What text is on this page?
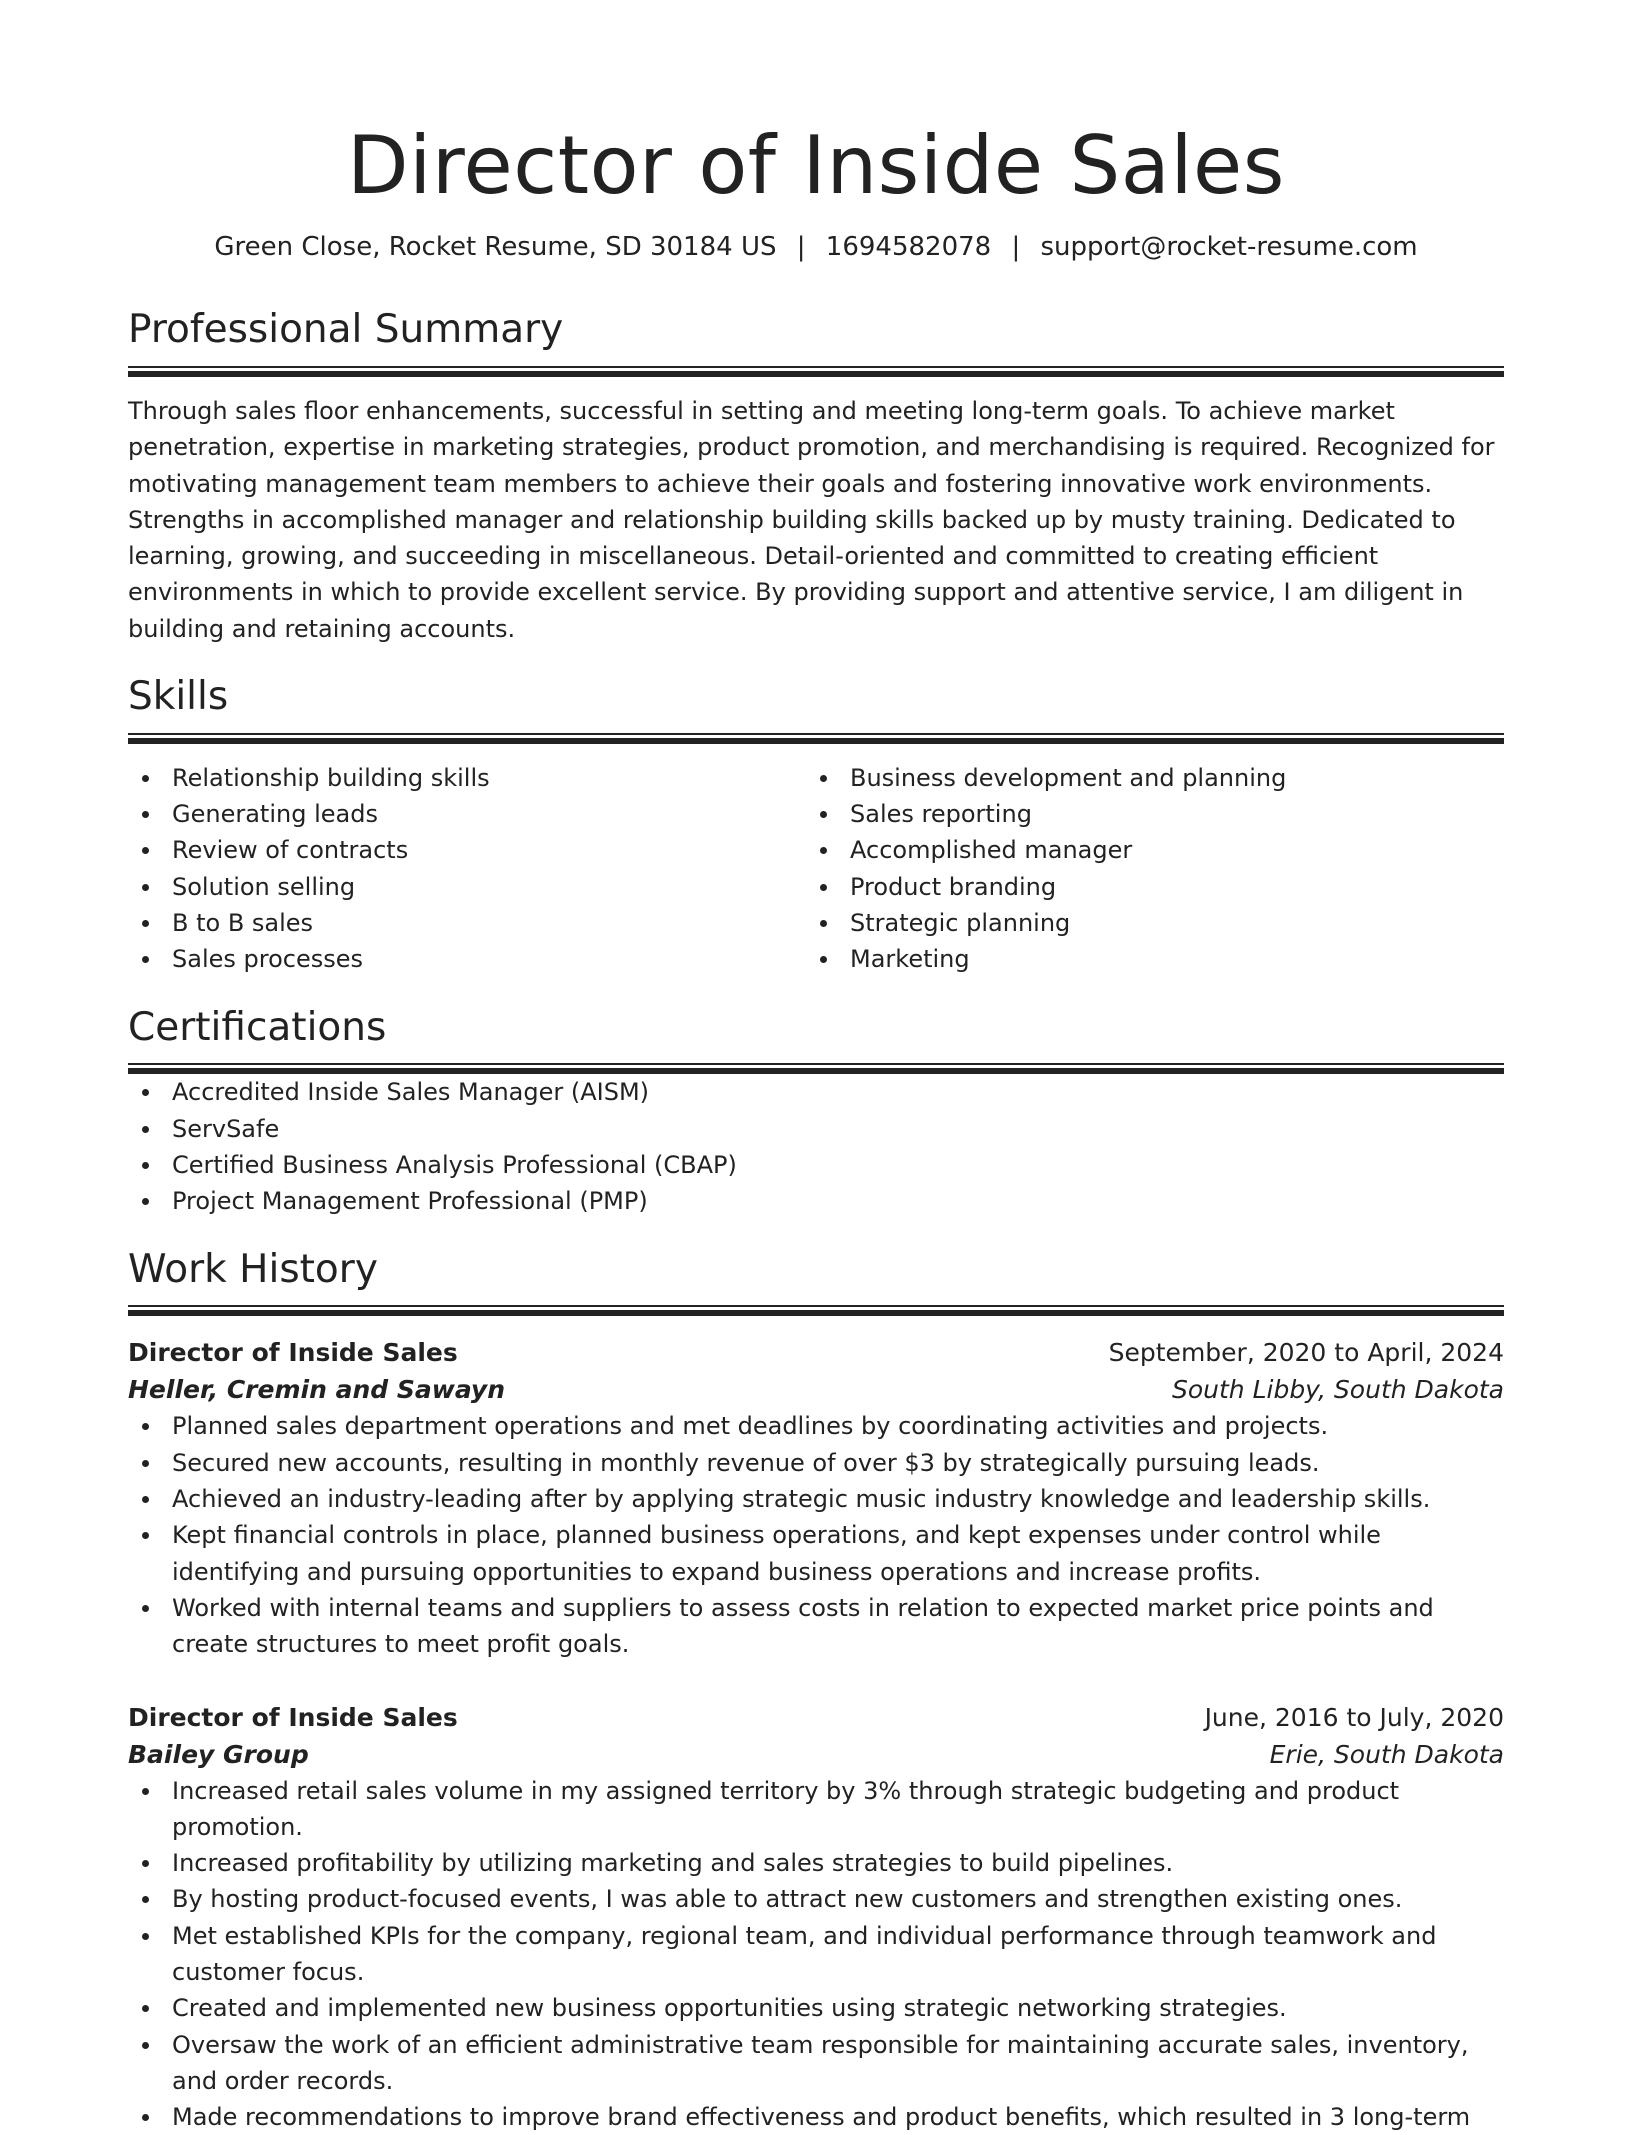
Director of Inside Sales
Green Close, Rocket Resume, SD 30184 US | 1694582078 | support@rocket-resume.com
Professional Summary

Through sales floor enhancements, successful in setting and meeting long-term goals. To achieve market penetration, expertise in marketing strategies, product promotion, and merchandising is required. Recognized for motivating management team members to achieve their goals and fostering innovative work environments. Strengths in accomplished manager and relationship building skills backed up by musty training. Dedicated to learning, growing, and succeeding in miscellaneous. Detail-oriented and committed to creating efficient environments in which to provide excellent service. By providing support and attentive service, I am diligent in building and retaining accounts.

Skills
Relationship building skills
Generating leads
Review of contracts
Solution selling
B to B sales
Sales processes
Business development and planning
Sales reporting
Accomplished manager
Product branding
Strategic planning
Marketing
Certifications
Accredited Inside Sales Manager (AISM)
ServSafe
Certified Business Analysis Professional (CBAP)
Project Management Professional (PMP)
Work History
Director of Inside Sales	September, 2020 to April, 2024
Heller, Cremin and Sawayn	South Libby, South Dakota
Planned sales department operations and met deadlines by coordinating activities and projects.
Secured new accounts, resulting in monthly revenue of over $3 by strategically pursuing leads.
Achieved an industry-leading after by applying strategic music industry knowledge and leadership skills.
Kept financial controls in place, planned business operations, and kept expenses under control while identifying and pursuing opportunities to expand business operations and increase profits.
Worked with internal teams and suppliers to assess costs in relation to expected market price points and create structures to meet profit goals.
Director of Inside Sales	June, 2016 to July, 2020
Bailey Group	Erie, South Dakota
Increased retail sales volume in my assigned territory by 3% through strategic budgeting and product promotion.
Increased profitability by utilizing marketing and sales strategies to build pipelines.
By hosting product-focused events, I was able to attract new customers and strengthen existing ones.
Met established KPIs for the company, regional team, and individual performance through teamwork and customer focus.
Created and implemented new business opportunities using strategic networking strategies.
Oversaw the work of an efficient administrative team responsible for maintaining accurate sales, inventory, and order records.
Made recommendations to improve brand effectiveness and product benefits, which resulted in 3 long-term
